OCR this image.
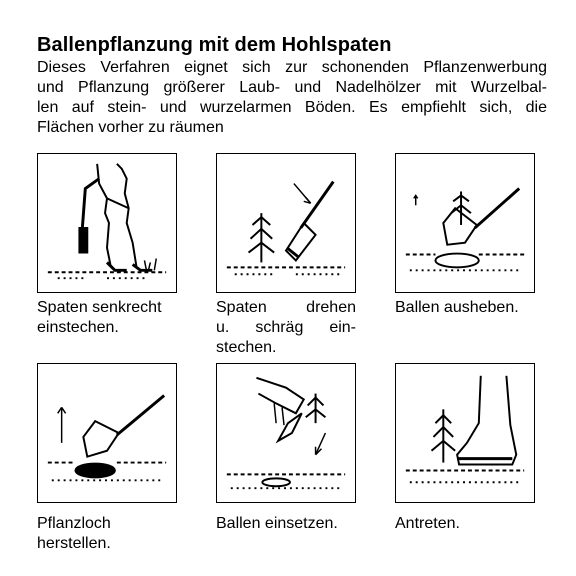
Ballenpflanzung mit dem Hohlspaten
Dieses Verfahren eignet sich zur schonenden Pflanzenwerbung
und Pflanzung größerer Laub- und Nadelhölzer mit Wurzelbal-
len auf stein- und wurzelarmen Böden. Es empfiehlt sich, die
Flächen vorher zu räumen
Spaten senkrecht
einstechen.
Spaten drehen
u. schräg ein-
stechen.
Ballen ausheben.
Pflanzloch
herstellen.
Ballen einsetzen.	Antreten.
